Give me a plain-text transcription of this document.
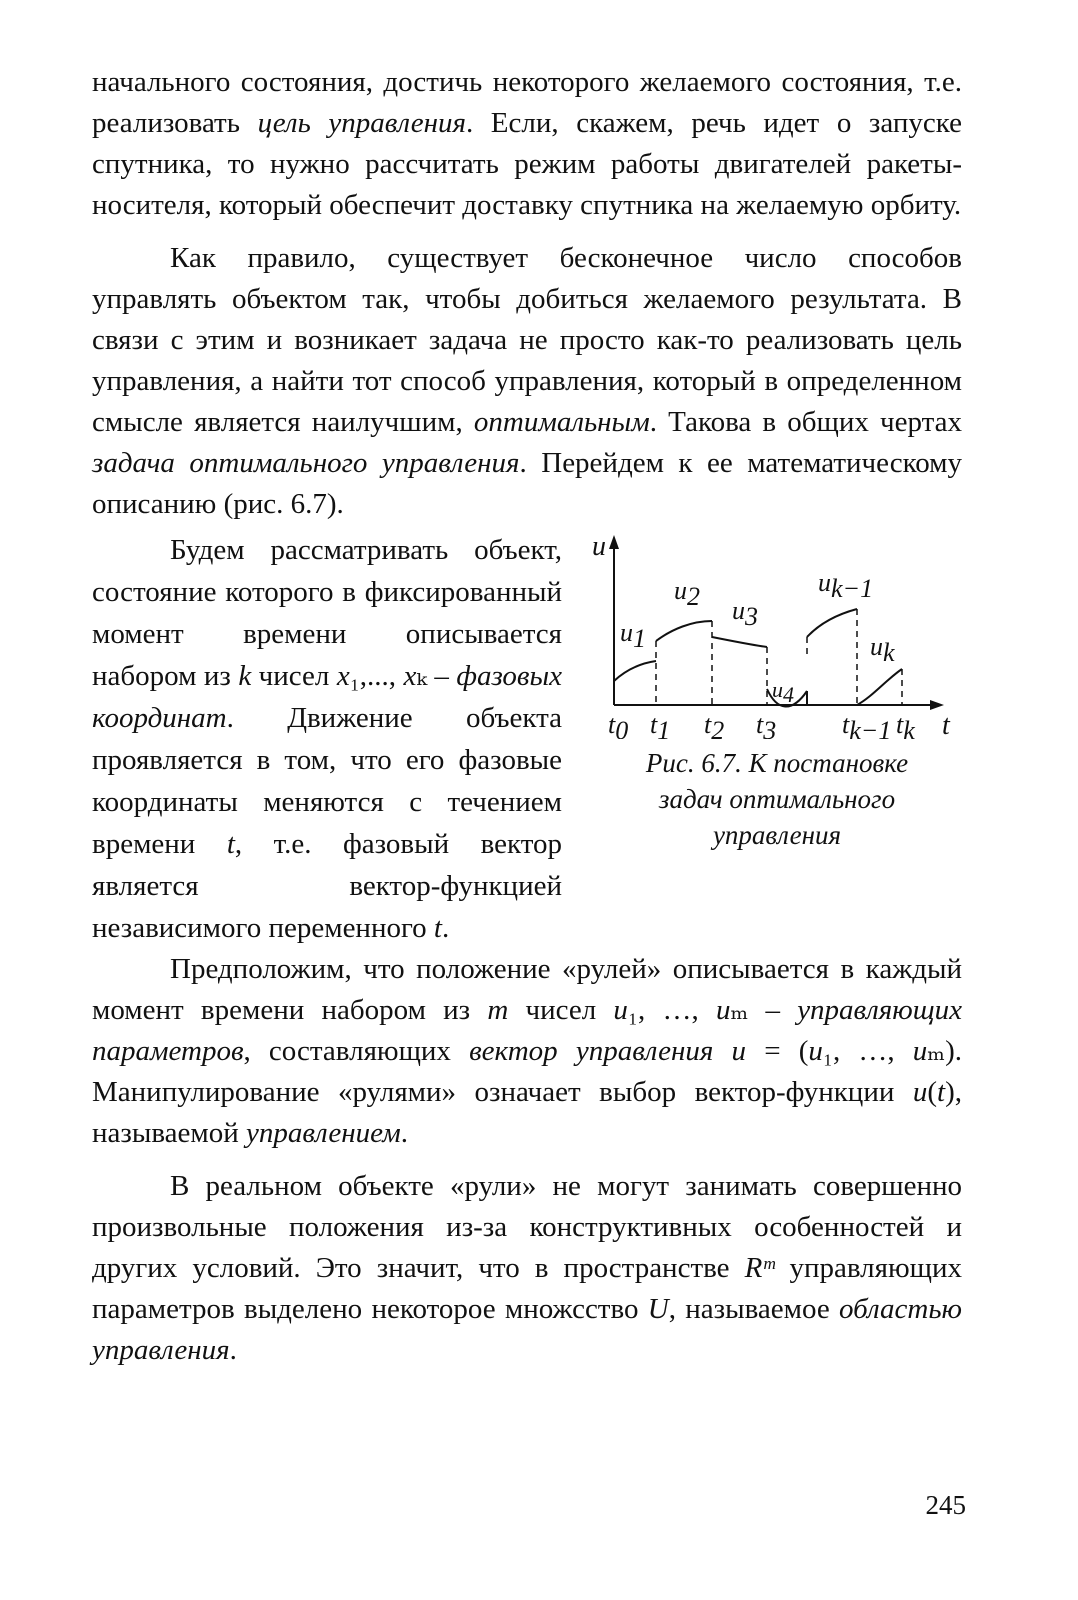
начального состояния, достичь некоторого желаемого состояния, т.е. реализовать цель управления. Если, скажем, речь идет о запуске спутника, то нужно рассчитать режим работы двигателей ракеты-носителя, который обеспечит доставку спутника на желаемую орбиту.

Как правило, существует бесконечное число способов управлять объектом так, чтобы добиться желаемого результата. В связи с этим и возникает задача не просто как-то реализовать цель управления, а найти тот способ управления, который в определенном смысле является наилучшим, оптимальным. Такова в общих чертах задача оптимального управления. Перейдем к ее математическому описанию (рис. 6.7).

Будем рассматривать объект, состояние которого в фиксированный момент времени описывается набором из k чисел x₁,..., xₖ – фазовых координат. Движение объекта проявляется в том, что его фазовые координаты меняются с течением времени t, т.е. фазовый вектор является вектор-функцией независимого переменного t.

u
t
u1
u2 u3
u4
uk−1
uk
t0 t1 t2 t3	tk−1 tk
Рис. 6.7. К постановке
задач оптимального
управления

Предположим, что положение «рулей» описывается в каждый момент времени набором из m чисел u₁, …, uₘ – управляющих параметров, составляющих вектор управления u = (u₁, …, uₘ). Манипулирование «рулями» означает выбор вектор-функции u(t), называемой управлением.

В реальном объекте «рули» не могут занимать совершенно произвольные положения из-за конструктивных особенностей и других условий. Это значит, что в пространстве Rᵐ управляющих параметров выделено некоторое множсство U, называемое областью управления.

245
